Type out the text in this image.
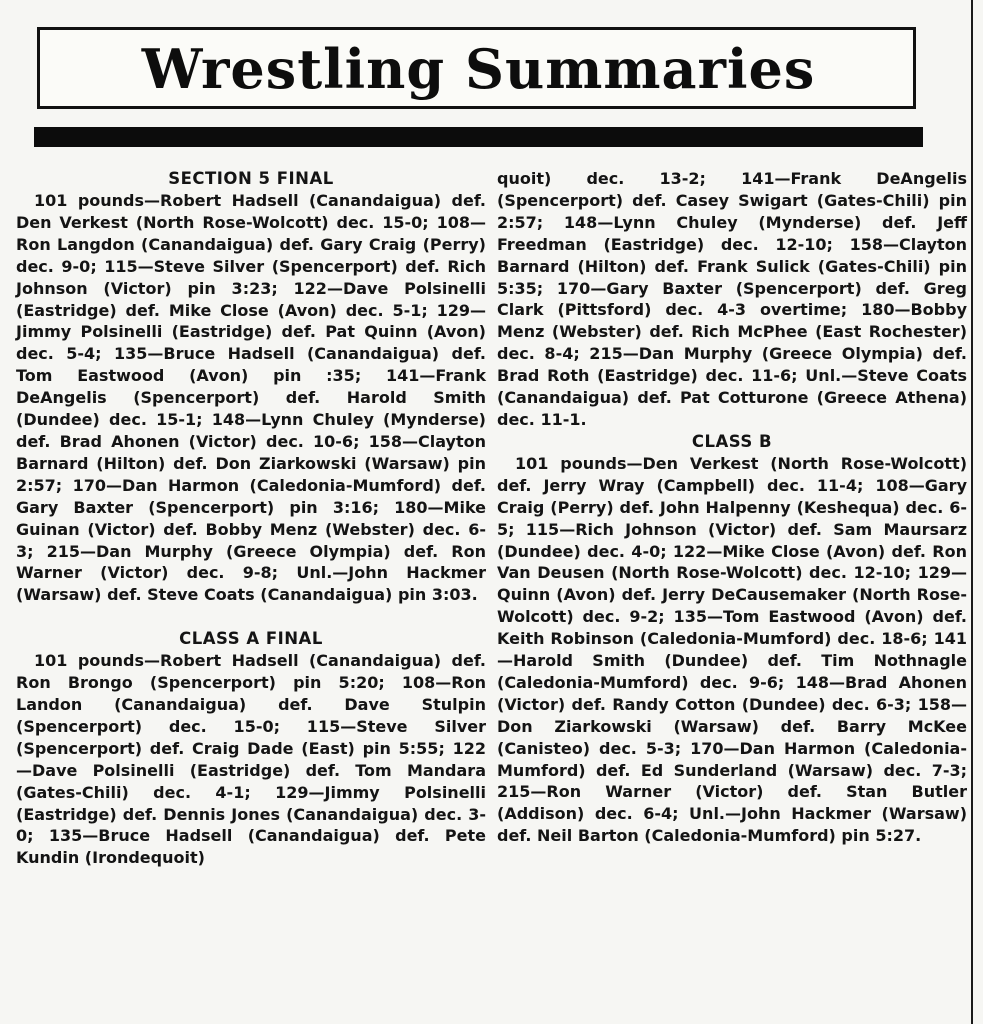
Wrestling Summaries
SECTION 5 FINAL

101 pounds—Robert Hadsell (Canandaigua) def. Den Verkest (North Rose-Wolcott) dec. 15-0; 108—Ron Langdon (Canandaigua) def. Gary Craig (Perry) dec. 9-0; 115—Steve Silver (Spencerport) def. Rich Johnson (Victor) pin 3:23; 122—Dave Polsinelli (Eastridge) def. Mike Close (Avon) dec. 5-1; 129—Jimmy Polsinelli (Eastridge) def. Pat Quinn (Avon) dec. 5-4; 135—Bruce Hadsell (Canandaigua) def. Tom Eastwood (Avon) pin :35; 141—Frank DeAngelis (Spencerport) def. Harold Smith (Dundee) dec. 15-1; 148—Lynn Chuley (Mynderse) def. Brad Ahonen (Victor) dec. 10-6; 158—Clayton Barnard (Hilton) def. Don Ziarkowski (Warsaw) pin 2:57; 170—Dan Harmon (Caledonia-Mumford) def. Gary Baxter (Spencerport) pin 3:16; 180—Mike Guinan (Victor) def. Bobby Menz (Webster) dec. 6-3; 215—Dan Murphy (Greece Olympia) def. Ron Warner (Victor) dec. 9-8; Unl.—John Hackmer (Warsaw) def. Steve Coats (Canandaigua) pin 3:03.

CLASS A FINAL

101 pounds—Robert Hadsell (Canandaigua) def. Ron Brongo (Spencerport) pin 5:20; 108—Ron Landon (Canandaigua) def. Dave Stulpin (Spencerport) dec. 15-0; 115—Steve Silver (Spencerport) def. Craig Dade (East) pin 5:55; 122—Dave Polsinelli (Eastridge) def. Tom Mandara (Gates-Chili) dec. 4-1; 129—Jimmy Polsinelli (Eastridge) def. Dennis Jones (Canandaigua) dec. 3-0; 135—Bruce Hadsell (Canandaigua) def. Pete Kundin (Irondequoit)

quoit) dec. 13-2; 141—Frank DeAngelis (Spencerport) def. Casey Swigart (Gates-Chili) pin 2:57; 148—Lynn Chuley (Mynderse) def. Jeff Freedman (Eastridge) dec. 12-10; 158—Clayton Barnard (Hilton) def. Frank Sulick (Gates-Chili) pin 5:35; 170—Gary Baxter (Spencerport) def. Greg Clark (Pittsford) dec. 4-3 overtime; 180—Bobby Menz (Webster) def. Rich McPhee (East Rochester) dec. 8-4; 215—Dan Murphy (Greece Olympia) def. Brad Roth (Eastridge) dec. 11-6; Unl.—Steve Coats (Canandaigua) def. Pat Cotturone (Greece Athena) dec. 11-1.

CLASS B

101 pounds—Den Verkest (North Rose-Wolcott) def. Jerry Wray (Campbell) dec. 11-4; 108—Gary Craig (Perry) def. John Halpenny (Keshequa) dec. 6-5; 115—Rich Johnson (Victor) def. Sam Maursarz (Dundee) dec. 4-0; 122—Mike Close (Avon) def. Ron Van Deusen (North Rose-Wolcott) dec. 12-10; 129—Quinn (Avon) def. Jerry DeCausemaker (North Rose-Wolcott) dec. 9-2; 135—Tom Eastwood (Avon) def. Keith Robinson (Caledonia-Mumford) dec. 18-6; 141—Harold Smith (Dundee) def. Tim Nothnagle (Caledonia-Mumford) dec. 9-6; 148—Brad Ahonen (Victor) def. Randy Cotton (Dundee) dec. 6-3; 158—Don Ziarkowski (Warsaw) def. Barry McKee (Canisteo) dec. 5-3; 170—Dan Harmon (Caledonia-Mumford) def. Ed Sunderland (Warsaw) dec. 7-3; 215—Ron Warner (Victor) def. Stan Butler (Addison) dec. 6-4; Unl.—John Hackmer (Warsaw) def. Neil Barton (Caledonia-Mumford) pin 5:27.
